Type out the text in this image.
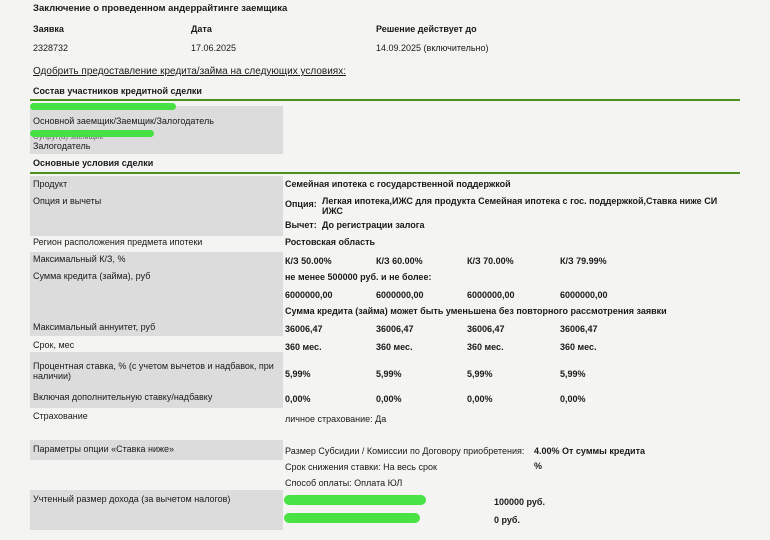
Заключение о проведенном андеррайтинге заемщика
Заявка	Дата	Решение действует до
2328732	17.06.2025	14.09.2025 (включительно)
Одобрить предоставление кредита/займа на следующих условиях:
Состав участников кредитной сделки
Основной заемщик/Заемщик/Залогодатель
Залогодатель
Основные условия сделки
Продукт	Семейная ипотека с государственной поддержкой
Опция и вычеты	Опция: Легкая ипотека,ИЖС для продукта Семейная ипотека с гос. поддержкой,Ставка ниже СИ
ИЖС
Вычет: До регистрации залога
Регион расположения предмета ипотеки	Ростовская область
Максимальный К/З, %	К/З 50.00%	К/З 60.00%	К/З 70.00%	К/З 79.99%
Сумма кредита (займа), руб	не менее 500000 руб. и не более:
6000000,00	6000000,00	6000000,00	6000000,00
Сумма кредита (займа) может быть уменьшена без повторного рассмотрения заявки
Максимальный аннуитет, руб	36006,47	36006,47	36006,47	36006,47
Срок, мес	360 мес.	360 мес.	360 мес.	360 мес.
Процентная ставка, % (с учетом вычетов и надбавок, при
наличии)	5,99%	5,99%	5,99%	5,99%
Включая дополнительную ставку/надбавку	0,00%	0,00%	0,00%	0,00%
Страхование	личное страхование: Да
Параметры опции «Ставка ниже»	Размер Субсидии / Комиссии по Договору приобретения: 4.00% От суммы кредита
Срок снижения ставки: На весь срок	%
Способ оплаты: Оплата ЮЛ
Учтенный размер дохода (за вычетом налогов)	100000 руб.
0 руб.
